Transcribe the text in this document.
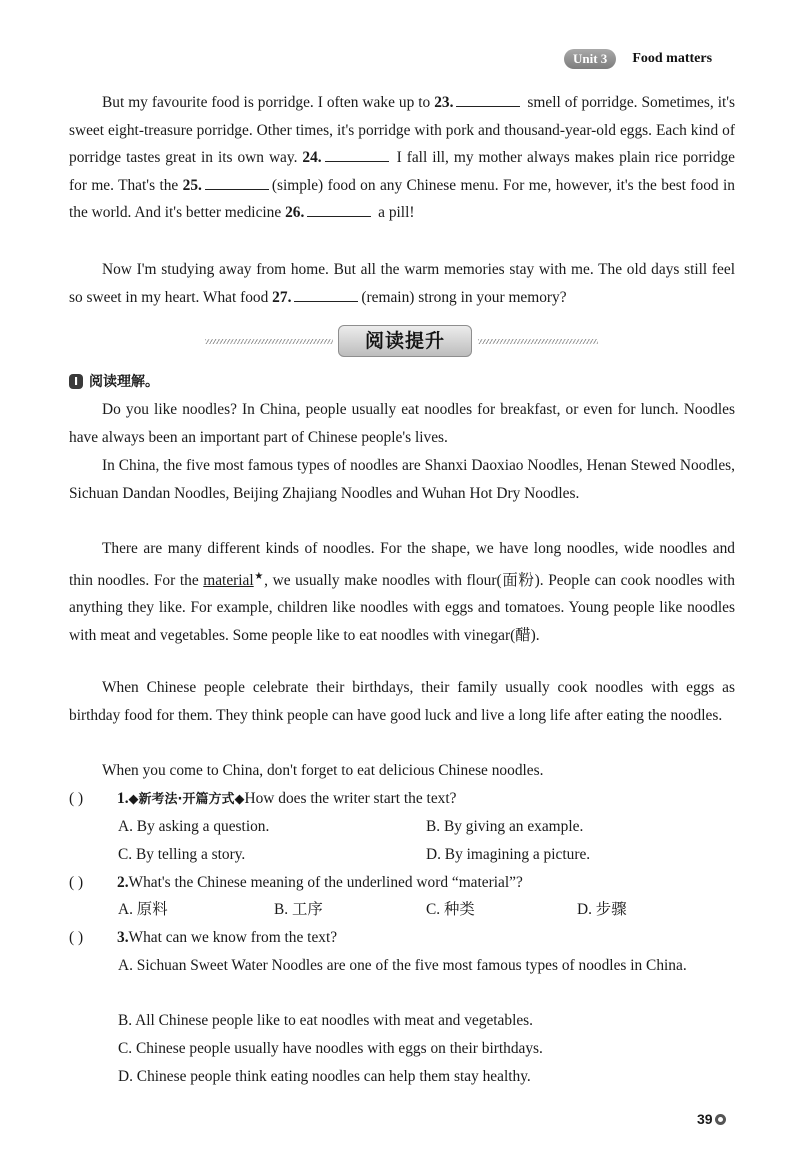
Unit 3	Food matters

But my favourite food is porridge. I often wake up to 23.	smell of porridge. Sometimes, it's sweet eight-treasure porridge. Other times, it's porridge with pork and thousand-year-old eggs. Each kind of porridge tastes great in its own way. 24.	I fall ill, my mother always makes plain rice porridge for me. That's the 25.	(simple) food on any Chinese menu. For me, however, it's the best food in the world. And it's better medicine 26.	a pill!

Now I'm studying away from home. But all the warm memories stay with me. The old days still feel so sweet in my heart. What food 27.	(remain) strong in your memory?

阅读提升
Ⅰ 阅读理解。

Do you like noodles? In China, people usually eat noodles for breakfast, or even for lunch. Noodles have always been an important part of Chinese people's lives.

In China, the five most famous types of noodles are Shanxi Daoxiao Noodles, Henan Stewed Noodles, Sichuan Dandan Noodles, Beijing Zhajiang Noodles and Wuhan Hot Dry Noodles.

There are many different kinds of noodles. For the shape, we have long noodles, wide noodles and thin noodles. For the material★, we usually make noodles with flour(面粉). People can cook noodles with anything they like. For example, children like noodles with eggs and tomatoes. Young people like noodles with meat and vegetables. Some people like to eat noodles with vinegar(醋).

When Chinese people celebrate their birthdays, their family usually cook noodles with eggs as birthday food for them. They think people can have good luck and live a long life after eating the noodles.

When you come to China, don't forget to eat delicious Chinese noodles.

( ) 1.◆新考法·开篇方式◆How does the writer start the text?
A. By asking a question.	B. By giving an example.
C. By telling a story.	D. By imagining a picture.
( ) 2.What's the Chinese meaning of the underlined word “material”?
A. 原料	B. 工序	C. 种类	D. 步骤
( ) 3.What can we know from the text?
A. Sichuan Sweet Water Noodles are one of the five most famous types of noodles in China.
B. All Chinese people like to eat noodles with meat and vegetables.
C. Chinese people usually have noodles with eggs on their birthdays.
D. Chinese people think eating noodles can help them stay healthy.
39
